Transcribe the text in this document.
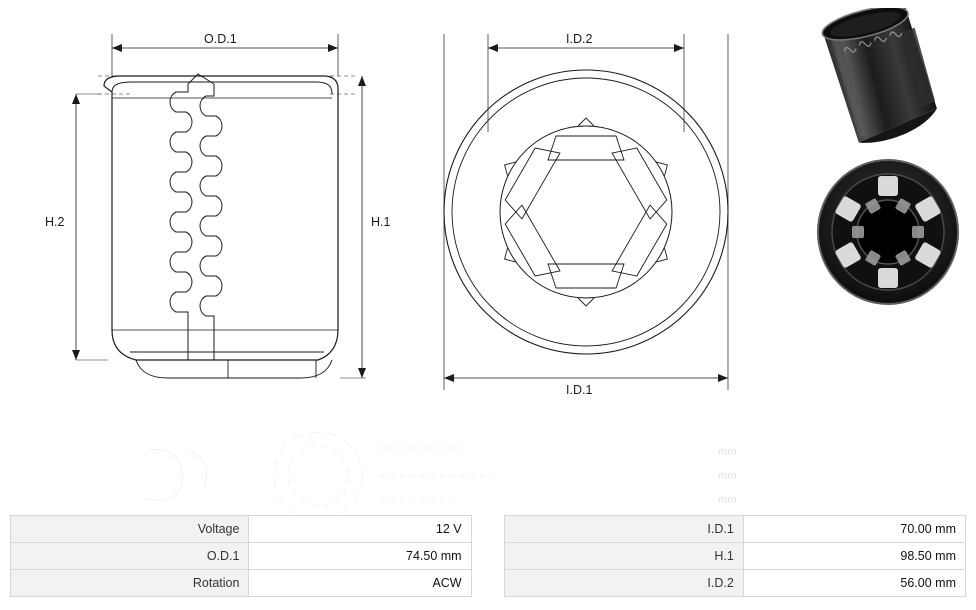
O.D.1
H.2	H.1
I.D.2
I.D.1
mm
mm
mm
Voltage	12 V		I.D.1	70.00 mm
O.D.1	74.50 mm		H.1	98.50 mm
Rotation	ACW		I.D.2	56.00 mm
